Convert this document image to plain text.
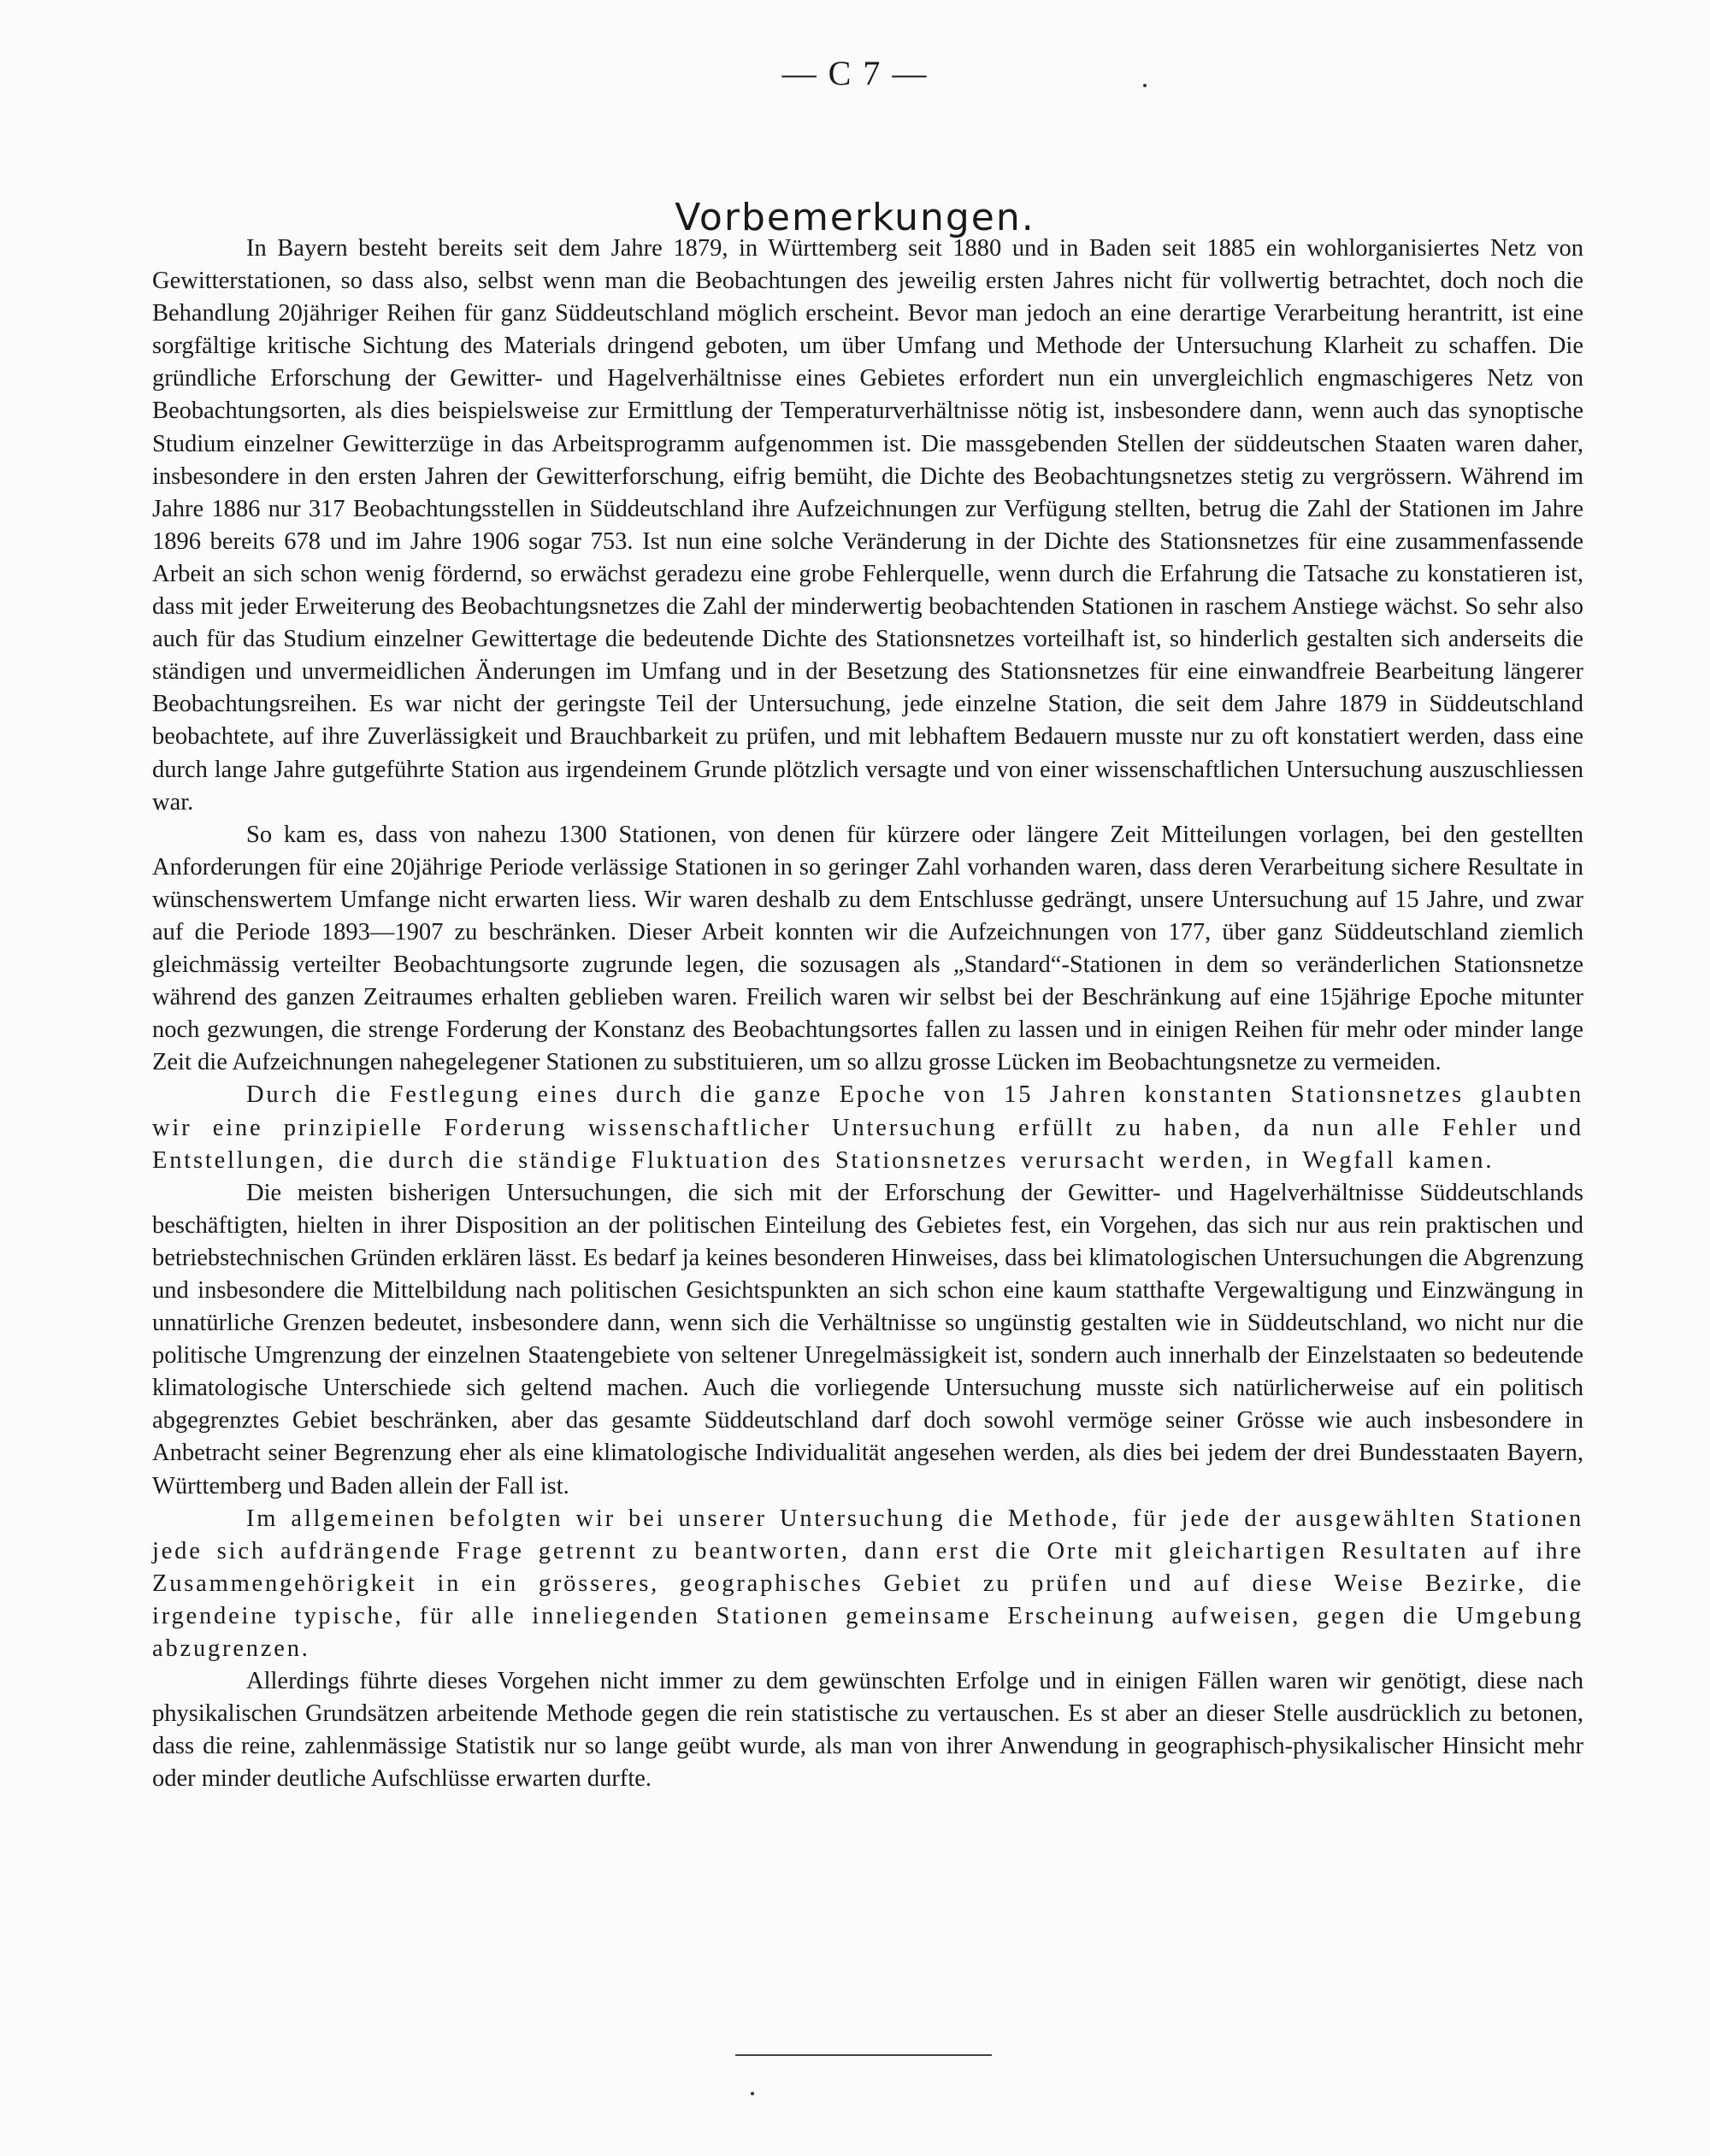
— C 7 —
Vorbemerkungen.

In Bayern besteht bereits seit dem Jahre 1879, in Württemberg seit 1880 und in Baden seit 1885 ein wohlorganisiertes Netz von Gewitterstationen, so dass also, selbst wenn man die Beobachtungen des jeweilig ersten Jahres nicht für vollwertig betrachtet, doch noch die Behandlung 20jähriger Reihen für ganz Süddeutschland möglich erscheint. Bevor man jedoch an eine derartige Verarbeitung herantritt, ist eine sorgfältige kritische Sichtung des Materials dringend geboten, um über Umfang und Methode der Untersuchung Klarheit zu schaffen. Die gründliche Erforschung der Gewitter- und Hagelverhältnisse eines Gebietes erfordert nun ein unvergleichlich engmaschigeres Netz von Beobachtungsorten, als dies beispielsweise zur Ermittlung der Temperaturverhältnisse nötig ist, insbesondere dann, wenn auch das synoptische Studium einzelner Gewitterzüge in das Arbeitsprogramm aufgenommen ist. Die massgebenden Stellen der süddeutschen Staaten waren daher, insbesondere in den ersten Jahren der Gewitterforschung, eifrig bemüht, die Dichte des Beobachtungsnetzes stetig zu vergrössern. Während im Jahre 1886 nur 317 Beobachtungsstellen in Süddeutschland ihre Aufzeichnungen zur Verfügung stellten, betrug die Zahl der Stationen im Jahre 1896 bereits 678 und im Jahre 1906 sogar 753. Ist nun eine solche Veränderung in der Dichte des Stationsnetzes für eine zusammenfassende Arbeit an sich schon wenig fördernd, so erwächst geradezu eine grobe Fehlerquelle, wenn durch die Erfahrung die Tatsache zu konstatieren ist, dass mit jeder Erweiterung des Beobachtungsnetzes die Zahl der minderwertig beobachtenden Stationen in raschem Anstiege wächst. So sehr also auch für das Studium einzelner Gewittertage die bedeutende Dichte des Stationsnetzes vorteilhaft ist, so hinderlich gestalten sich anderseits die ständigen und unvermeidlichen Änderungen im Umfang und in der Besetzung des Stationsnetzes für eine einwandfreie Bearbeitung längerer Beobachtungsreihen. Es war nicht der geringste Teil der Untersuchung, jede einzelne Station, die seit dem Jahre 1879 in Süddeutschland beobachtete, auf ihre Zuverlässigkeit und Brauchbarkeit zu prüfen, und mit lebhaftem Bedauern musste nur zu oft konstatiert werden, dass eine durch lange Jahre gutgeführte Station aus irgendeinem Grunde plötzlich versagte und von einer wissenschaftlichen Untersuchung auszuschliessen war.

So kam es, dass von nahezu 1300 Stationen, von denen für kürzere oder längere Zeit Mitteilungen vorlagen, bei den gestellten Anforderungen für eine 20jährige Periode verlässige Stationen in so geringer Zahl vorhanden waren, dass deren Verarbeitung sichere Resultate in wünschenswertem Umfange nicht erwarten liess. Wir waren deshalb zu dem Entschlusse gedrängt, unsere Untersuchung auf 15 Jahre, und zwar auf die Periode 1893—1907 zu beschränken. Dieser Arbeit konnten wir die Aufzeichnungen von 177, über ganz Süddeutschland ziemlich gleichmässig verteilter Beobachtungsorte zugrunde legen, die sozusagen als „Standard“-Stationen in dem so veränderlichen Stationsnetze während des ganzen Zeitraumes erhalten geblieben waren. Freilich waren wir selbst bei der Beschränkung auf eine 15jährige Epoche mitunter noch gezwungen, die strenge Forderung der Konstanz des Beobachtungsortes fallen zu lassen und in einigen Reihen für mehr oder minder lange Zeit die Aufzeichnungen nahegelegener Stationen zu substituieren, um so allzu grosse Lücken im Beobachtungsnetze zu vermeiden.

Durch die Festlegung eines durch die ganze Epoche von 15 Jahren konstanten Stationsnetzes glaubten wir eine prinzipielle Forderung wissenschaftlicher Untersuchung erfüllt zu haben, da nun alle Fehler und Entstellungen, die durch die ständige Fluktuation des Stationsnetzes verursacht werden, in Wegfall kamen.

Die meisten bisherigen Untersuchungen, die sich mit der Erforschung der Gewitter- und Hagelverhältnisse Süddeutschlands beschäftigten, hielten in ihrer Disposition an der politischen Einteilung des Gebietes fest, ein Vorgehen, das sich nur aus rein praktischen und betriebstechnischen Gründen erklären lässt. Es bedarf ja keines besonderen Hinweises, dass bei klimatologischen Untersuchungen die Abgrenzung und insbesondere die Mittelbildung nach politischen Gesichtspunkten an sich schon eine kaum statthafte Vergewaltigung und Einzwängung in unnatürliche Grenzen bedeutet, insbesondere dann, wenn sich die Verhältnisse so ungünstig gestalten wie in Süddeutschland, wo nicht nur die politische Umgrenzung der einzelnen Staatengebiete von seltener Unregelmässigkeit ist, sondern auch innerhalb der Einzelstaaten so bedeutende klimatologische Unterschiede sich geltend machen. Auch die vorliegende Untersuchung musste sich natürlicherweise auf ein politisch abgegrenztes Gebiet beschränken, aber das gesamte Süddeutschland darf doch sowohl vermöge seiner Grösse wie auch insbesondere in Anbetracht seiner Begrenzung eher als eine klimatologische Individualität angesehen werden, als dies bei jedem der drei Bundesstaaten Bayern, Württemberg und Baden allein der Fall ist.

Im allgemeinen befolgten wir bei unserer Untersuchung die Methode, für jede der ausgewählten Stationen jede sich aufdrängende Frage getrennt zu beantworten, dann erst die Orte mit gleichartigen Resultaten auf ihre Zusammengehörigkeit in ein grösseres, geographisches Gebiet zu prüfen und auf diese Weise Bezirke, die irgendeine typische, für alle inneliegenden Stationen gemeinsame Erscheinung aufweisen, gegen die Umgebung abzugrenzen.

Allerdings führte dieses Vorgehen nicht immer zu dem gewünschten Erfolge und in einigen Fällen waren wir genötigt, diese nach physikalischen Grundsätzen arbeitende Methode gegen die rein statistische zu vertauschen. Es st aber an dieser Stelle ausdrücklich zu betonen, dass die reine, zahlenmässige Statistik nur so lange geübt wurde, als man von ihrer Anwendung in geographisch-physikalischer Hinsicht mehr oder minder deutliche Aufschlüsse erwarten durfte.
